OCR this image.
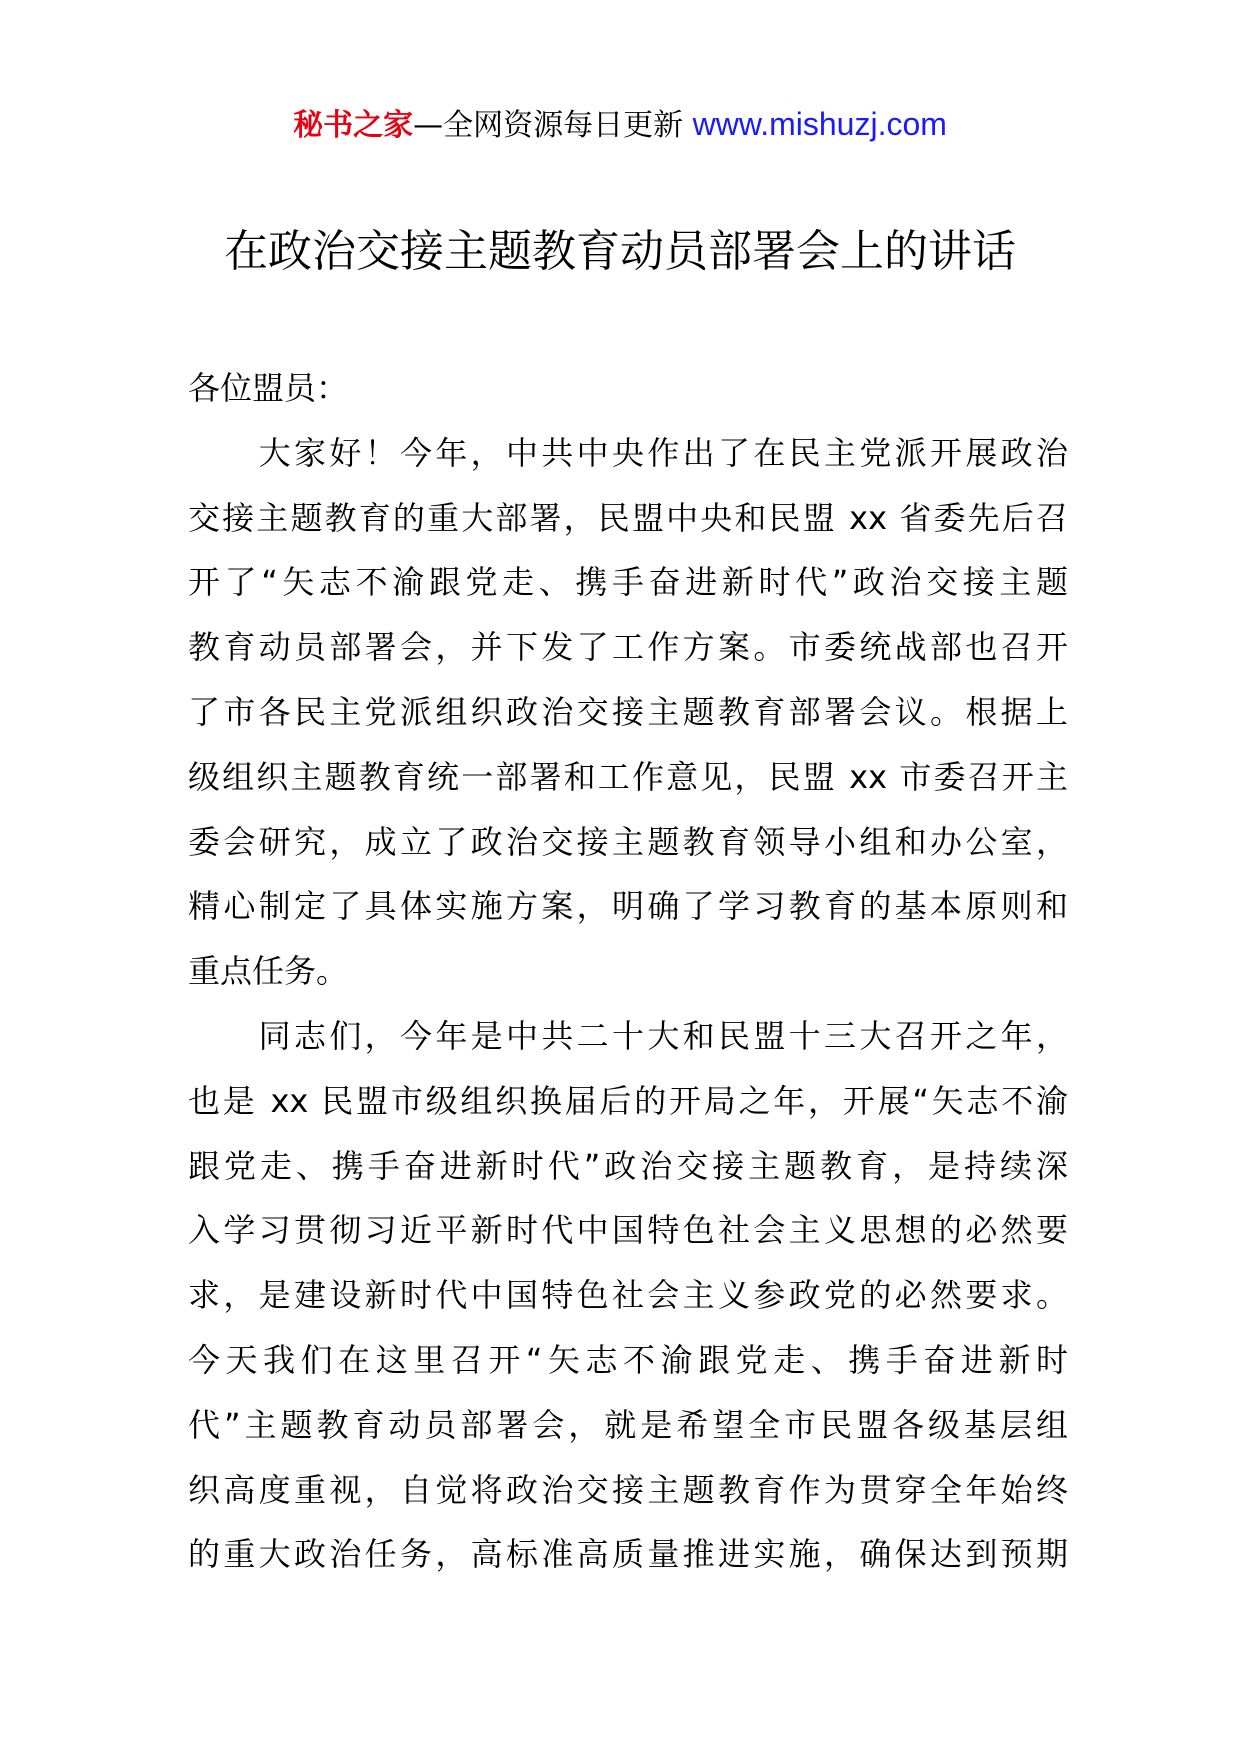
秘书之家—全网资源每日更新 www.mishuzj.com
在政治交接主题教育动员部署会上的讲话
各位盟员：
　　大家好！今年，中共中央作出了在民主党派开展政治
交接主题教育的重大部署，民盟中央和民盟 xx 省委先后召
开了“矢志不渝跟党走、携手奋进新时代”政治交接主题
教育动员部署会，并下发了工作方案。市委统战部也召开
了市各民主党派组织政治交接主题教育部署会议。根据上
级组织主题教育统一部署和工作意见，民盟 xx 市委召开主
委会研究，成立了政治交接主题教育领导小组和办公室，
精心制定了具体实施方案，明确了学习教育的基本原则和
重点任务。
　　同志们，今年是中共二十大和民盟十三大召开之年，
也是 xx 民盟市级组织换届后的开局之年，开展“矢志不渝
跟党走、携手奋进新时代”政治交接主题教育，是持续深
入学习贯彻习近平新时代中国特色社会主义思想的必然要
求，是建设新时代中国特色社会主义参政党的必然要求。
今天我们在这里召开“矢志不渝跟党走、携手奋进新时
代”主题教育动员部署会，就是希望全市民盟各级基层组
织高度重视，自觉将政治交接主题教育作为贯穿全年始终
的重大政治任务，高标准高质量推进实施，确保达到预期
